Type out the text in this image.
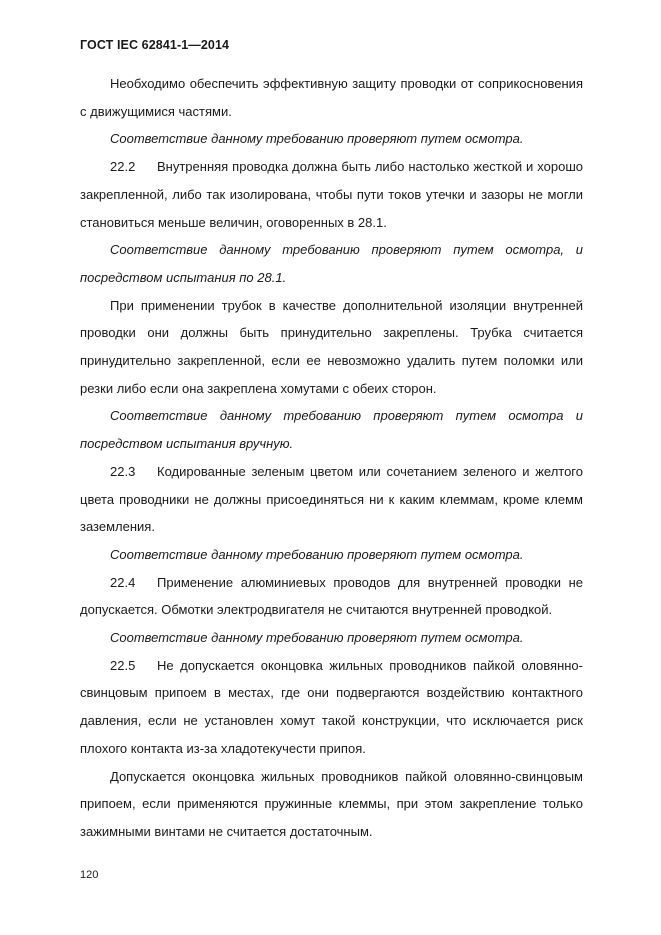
ГОСТ IEC 62841-1—2014

Необходимо обеспечить эффективную защиту проводки от соприкосновения с движущимися частями.

Соответствие данному требованию проверяют путем осмотра.

22.2 Внутренняя проводка должна быть либо настолько жесткой и хорошо закрепленной, либо так изолирована, чтобы пути токов утечки и зазоры не могли становиться меньше величин, оговоренных в 28.1.

Соответствие данному требованию проверяют путем осмотра, и посредством испытания по 28.1.

При применении трубок в качестве дополнительной изоляции внутренней проводки они должны быть принудительно закреплены. Трубка считается принудительно закрепленной, если ее невозможно удалить путем поломки или резки либо если она закреплена хомутами с обеих сторон.

Соответствие данному требованию проверяют путем осмотра и посредством испытания вручную.

22.3 Кодированные зеленым цветом или сочетанием зеленого и желтого цвета проводники не должны присоединяться ни к каким клеммам, кроме клемм заземления.

Соответствие данному требованию проверяют путем осмотра.

22.4 Применение алюминиевых проводов для внутренней проводки не допускается. Обмотки электродвигателя не считаются внутренней проводкой.

Соответствие данному требованию проверяют путем осмотра.

22.5 Не допускается оконцовка жильных проводников пайкой оловянно-свинцовым припоем в местах, где они подвергаются воздействию контактного давления, если не установлен хомут такой конструкции, что исключается риск плохого контакта из-за хладотекучести припоя.

Допускается оконцовка жильных проводников пайкой оловянно-свинцовым припоем, если применяются пружинные клеммы, при этом закрепление только зажимными винтами не считается достаточным.

120
